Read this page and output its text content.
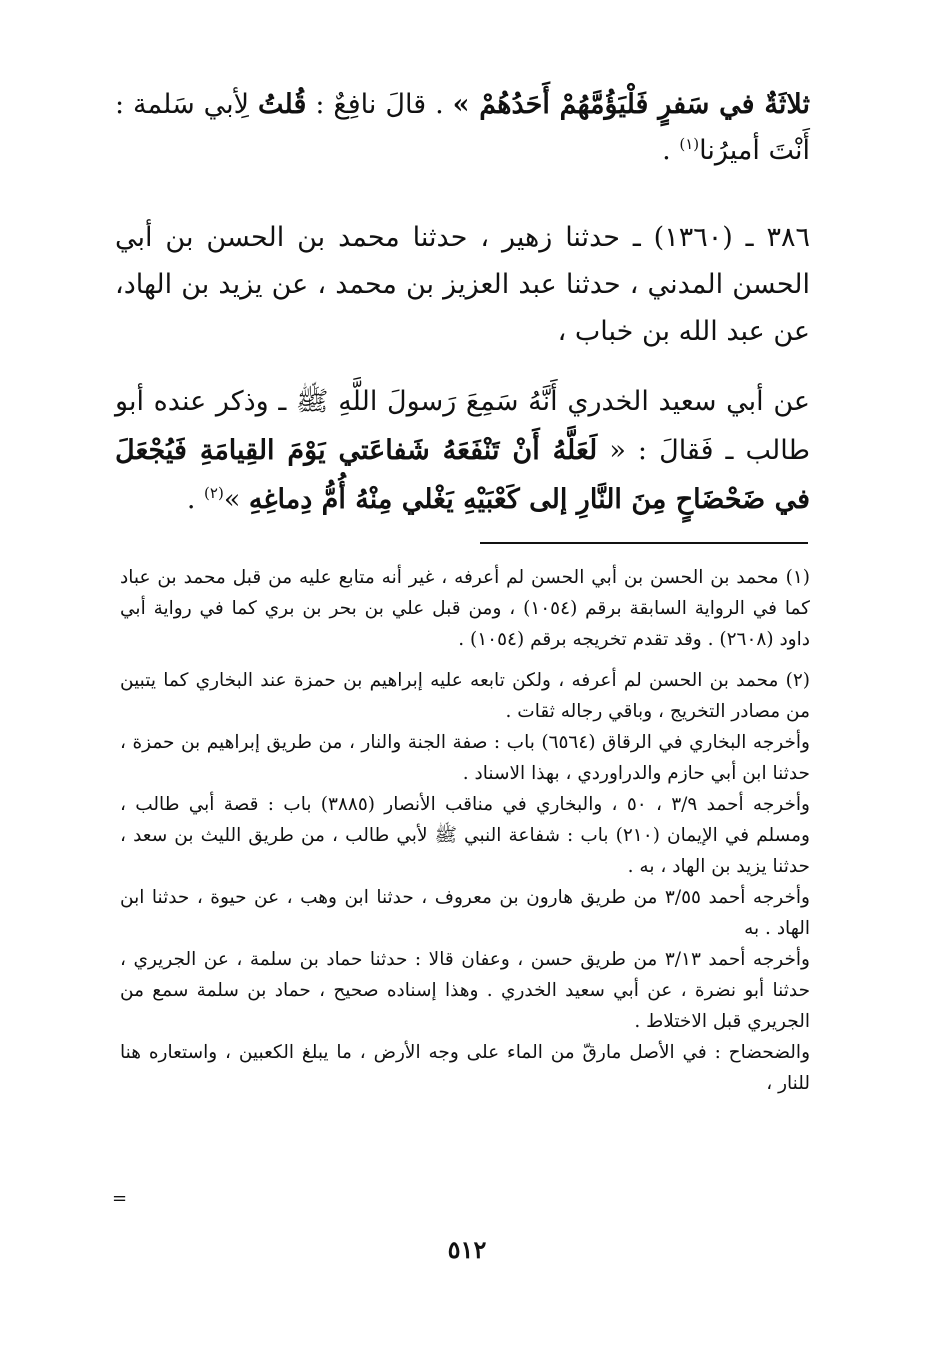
ثلاثَةٌ في سَفرٍ فَلْيَؤُمَّهُمْ أَحَدُهُمْ » . قالَ نافِعٌ : قُلتُ لِأبي سَلمة : أَنْتَ أميرُنا$^{(١)}$ .

٣٨٦ ـ (١٣٦٠) ـ حدثنا زهير ، حدثنا محمد بن الحسن بن أبي الحسن المدني ، حدثنا عبد العزيز بن محمد ، عن يزيد بن الهاد، عن عبد الله بن خباب ،

عن أبي سعيد الخدري أَنَّهُ سَمِعَ رَسولَ اللَّهِ ﷺ ـ وذكر عنده أبو طالب ـ فَقالَ : « لَعَلَّهُ أَنْ تَنْفَعَهُ شَفاعَتي يَوْمَ القِيامَةِ فَيُجْعَلَ في ضَحْضَاحٍ مِنَ النَّارِ إلى كَعْبَيْهِ يَغْلي مِنْهُ أُمُّ دِماغِهِ »$^{(٢)}$ .

(١) محمد بن الحسن بن أبي الحسن لم أعرفه ، غير أنه متابع عليه من قبل محمد بن عباد كما في الرواية السابقة برقم (١٠٥٤) ، ومن قبل علي بن بحر بن بري كما في رواية أبي داود (٢٦٠٨) . وقد تقدم تخريجه برقم (١٠٥٤) .

(٢) محمد بن الحسن لم أعرفه ، ولكن تابعه عليه إبراهيم بن حمزة عند البخاري كما يتبين من مصادر التخريج ، وباقي رجاله ثقات .

وأخرجه البخاري في الرقاق (٦٥٦٤) باب : صفة الجنة والنار ، من طريق إبراهيم بن حمزة ، حدثنا ابن أبي حازم والدراوردي ، بهذا الاسناد .

وأخرجه أحمد ٣/٩ ، ٥٠ ، والبخاري في مناقب الأنصار (٣٨٨٥) باب : قصة أبي طالب ، ومسلم في الإيمان (٢١٠) باب : شفاعة النبي ﷺ لأبي طالب ، من طريق الليث بن سعد ، حدثنا يزيد بن الهاد ، به .

وأخرجه أحمد ٣/٥٥ من طريق هارون بن معروف ، حدثنا ابن وهب ، عن حيوة ، حدثنا ابن الهاد . به

وأخرجه أحمد ٣/١٣ من طريق حسن ، وعفان قالا : حدثنا حماد بن سلمة ، عن الجريري ، حدثنا أبو نضرة ، عن أبي سعيد الخدري . وهذا إسناده صحيح ، حماد بن سلمة سمع من الجريري قبل الاختلاط .

والضحضاح : في الأصل مارقّ من الماء على وجه الأرض ، ما يبلغ الكعبين ، واستعاره هنا للنار ،

=
٥١٢
